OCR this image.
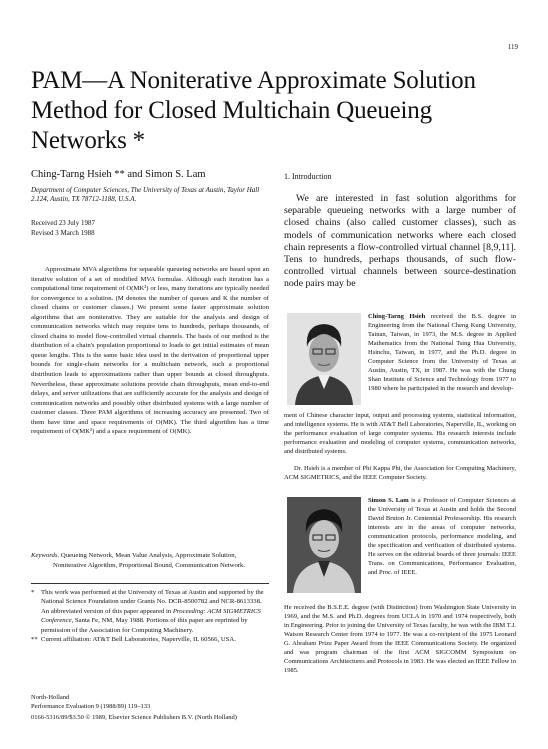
119
PAM—A Noniterative Approximate Solution Method for Closed Multichain Queueing Networks *
Ching-Tarng Hsieh ** and Simon S. Lam
Department of Computer Sciences, The University of Texas at Austin, Taylor Hall 2.124, Austin, TX 78712-1188, U.S.A.
Received 23 July 1987
Revised 3 March 1988

Approximate MVA algorithms for separable queueing networks are based upon an iterative solution of a set of modified MVA formulas. Although each iteration has a computational time requirement of O(MK²) or less, many iterations are typically needed for convergence to a solution. (M denotes the number of queues and K the number of closed chains or customer classes.) We present some faster approximate solution algorithms that are noniterative. They are suitable for the analysis and design of communication networks which may require tens to hundreds, perhaps thousands, of closed chains to model flow-controlled virtual channels. The basis of our method is the distribution of a chain's population proportional to loads to get initial estimates of mean queue lengths. This is the same basic idea used in the derivation of proportional upper bounds for single-chain networks for a multichain network, such a proportional distribution leads to approximations rather than upper bounds at closed throughputs. Nevertheless, these approximate solutions provide chain throughputs, mean end-to-end delays, and server utilizations that are sufficiently accurate for the analysis and design of communication networks and possibly other distributed systems with a large number of customer classes. Three PAM algorithms of increasing accuracy are presented. Two of them have time and space requirements of O(MK). The third algorithm has a time requirement of O(MK²) and a space requirement of O(MK).

Keywords. Queueing Network, Mean Value Analysis, Approximate Solution, Noniterative Algorithm, Proportional Bound, Communication Network.

* This work was performed at the University of Texas at Austin and supported by the National Science Foundation under Grants No. DCR-8500782 and NCR-8613338. An abbreviated version of this paper appeared in Proceeding: ACM SIGMETRICS Conference, Santa Fe, NM, May 1988. Portions of this paper are reprinted by permission of the Association for Computing Machinery.

** Current affiliation: AT&T Bell Laboratories, Naperville, IL 60566, USA.

North-Holland
Performance Evaluation 9 (1988/89) 119–133
0166-5316/89/$3.50 © 1989, Elsevier Science Publishers B.V. (North Holland)
1. Introduction

We are interested in fast solution algorithms for separable queueing networks with a large number of closed chains (also called customer classes), such as models of communication networks where each closed chain represents a flow-controlled virtual channel [8,9,11]. Tens to hundreds, perhaps thousands, of such flow-controlled virtual channels between source-destination node pairs may be

Ching-Tarng Hsieh received the B.S. degree in Engineering from the National Cheng Kung University, Tainan, Taiwan, in 1973, the M.S. degree in Applied Mathematics from the National Tsing Hua University, Hsinchu, Taiwan, in 1977, and the Ph.D. degree in Computer Science from the University of Texas at Austin, Austin, TX, in 1987. He was with the Chung Shan Institute of Science and Technology from 1977 to 1980 where he participated in the research and develop-

ment of Chinese character input, output and processing systems, statistical information, and intelligence systems. He is with AT&T Bell Laboratories, Naperville, IL, working on the performance evaluation of large computer systems. His research interests include performance evaluation and modeling of computer systems, communication networks, and distributed systems.

Dr. Hsieh is a member of Phi Kappa Phi, the Association for Computing Machinery, ACM SIGMETRICS, and the IEEE Computer Society.

Simon S. Lam is a Professor of Computer Sciences at the University of Texas at Austin and holds the Second David Bruton Jr. Centennial Professorship. His research interests are in the areas of computer networks, communication protocols, performance modeling, and the specification and verification of distributed systems. He serves on the editorial boards of three journals: IEEE Trans. on Communications, Performance Evaluation, and Proc. of IEEE.

He received the B.S.E.E. degree (with Distinction) from Washington State University in 1969, and the M.S. and Ph.D. degrees from UCLA in 1970 and 1974 respectively, both in Engineering. Prior to joining the University of Texas faculty, he was with the IBM T.J. Watson Research Center from 1974 to 1977. He was a co-recipient of the 1975 Leonard G. Abraham Prize Paper Award from the IEEE Communications Society. He organized and was program chairman of the first ACM SIGCOMM Symposium on Communications Architectures and Protocols in 1983. He was elected an IEEE Fellow in 1985.
